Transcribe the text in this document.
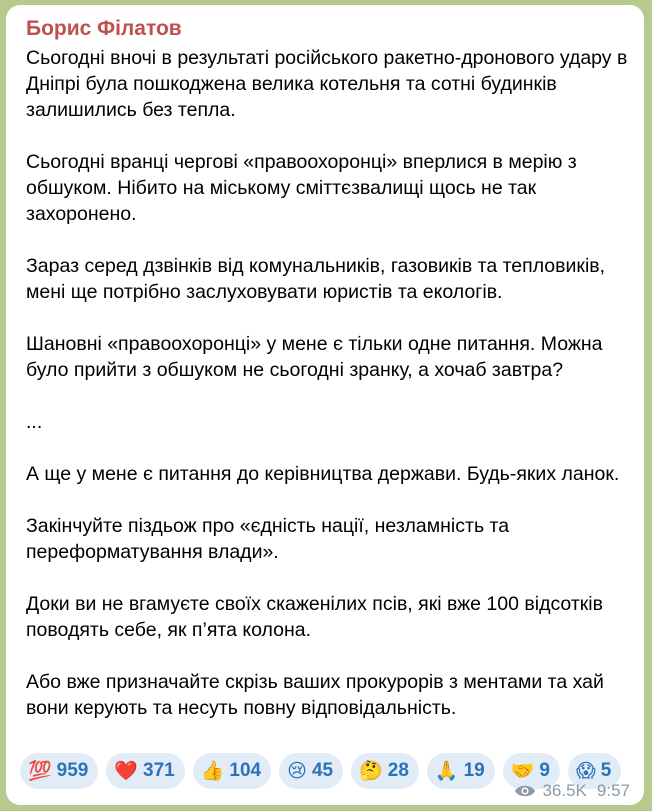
Борис Філатов

Сьогодні вночі в результаті російського ракетно-дронового удару в Дніпрі була пошкоджена велика котельня та сотні будинків залишились без тепла.

Сьогодні вранці чергові «правоохоронці» вперлися в мерію з обшуком. Нібито на міському сміттєзвалищі щось не так захоронено.

Зараз серед дзвінків від комунальників, газовиків та тепловиків, мені ще потрібно заслуховувати юристів та екологів.

Шановні «правоохоронці» у мене є тільки одне питання. Можна було прийти з обшуком не сьогодні зранку, а хочаб завтра?

...

А ще у мене є питання до керівництва держави. Будь-яких ланок.

Закінчуйте піздьож про «єдність нації, незламність та переформатування влади».

Доки ви не вгамуєте своїх скаженілих псів, які вже 100 відсотків поводять себе, як п’ята колона.

Або вже призначайте скрізь ваших прокурорів з ментами та хай вони керують та несуть повну відповідальність.

💯 959 ❤️ 371 👍 104 😢 45 🤔 28 🙏 19 🤝 9 😱 5
36.5K 9:57
